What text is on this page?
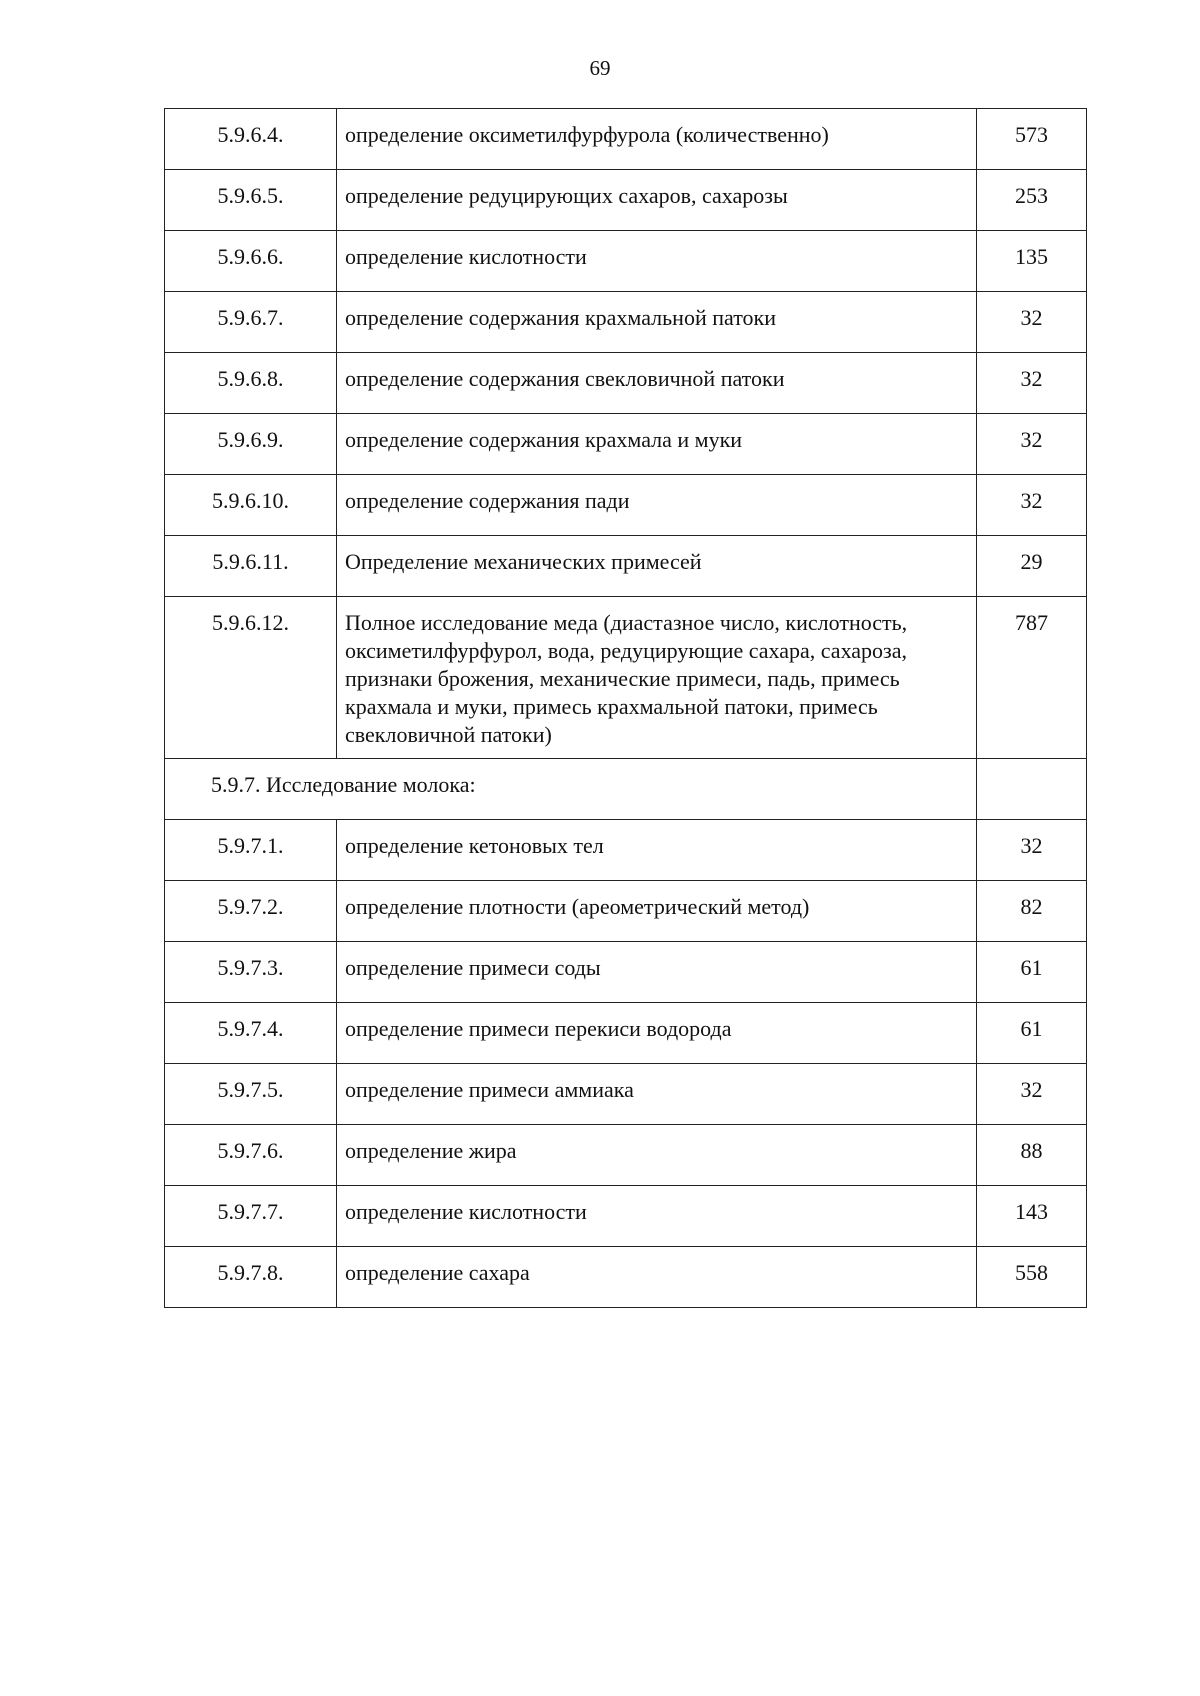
69
5.9.6.4.	определение оксиметилфурфурола (количественно)	573
5.9.6.5.	определение редуцирующих сахаров, сахарозы	253
5.9.6.6.	определение кислотности	135
5.9.6.7.	определение содержания крахмальной патоки	32
5.9.6.8.	определение содержания свекловичной патоки	32
5.9.6.9.	определение содержания крахмала и муки	32
5.9.6.10.	определение содержания пади	32
5.9.6.11.	Определение механических примесей	29
5.9.6.12.	Полное исследование меда (диастазное число, кислотность, оксиметилфурфурол, вода, редуцирующие сахара, сахароза, признаки брожения, механические примеси, падь, примесь крахмала и муки, примесь крахмальной патоки, примесь свекловичной патоки)	787
5.9.7. Исследование молока:		
5.9.7.1.	определение кетоновых тел	32
5.9.7.2.	определение плотности (ареометрический метод)	82
5.9.7.3.	определение примеси соды	61
5.9.7.4.	определение примеси перекиси водорода	61
5.9.7.5.	определение примеси аммиака	32
5.9.7.6.	определение жира	88
5.9.7.7.	определение кислотности	143
5.9.7.8.	определение сахара	558
